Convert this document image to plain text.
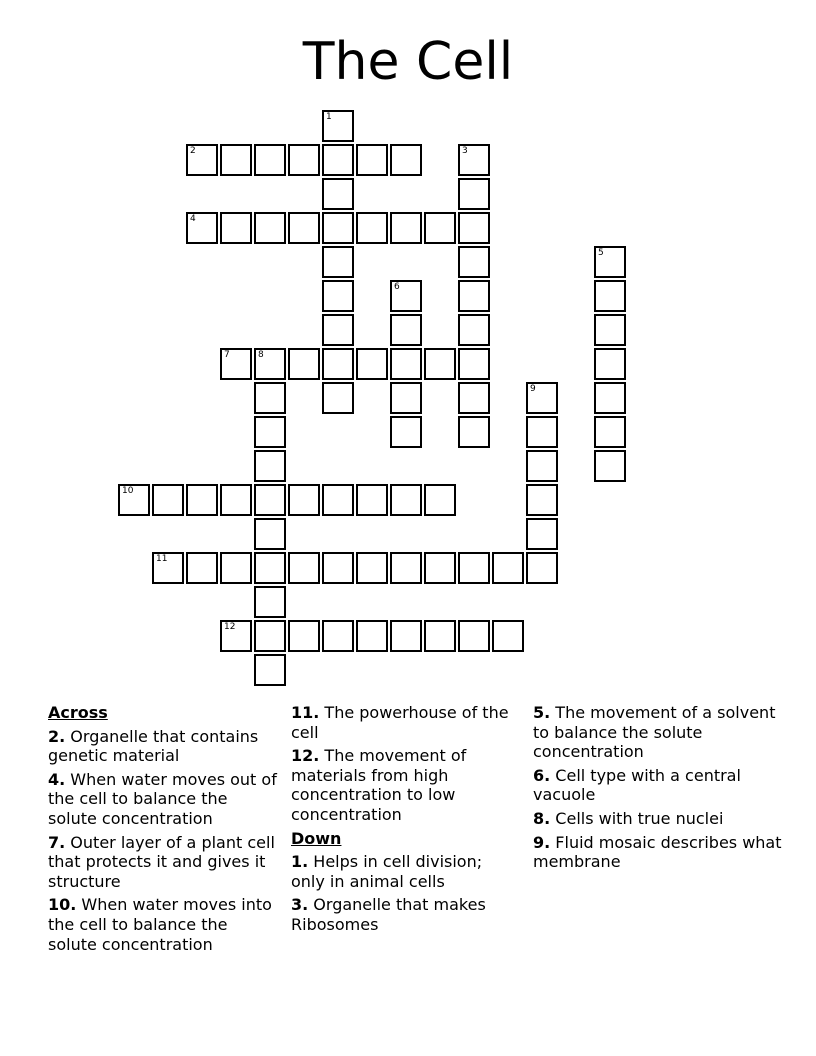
The Cell
1
2	3
4
5
6
7	8
9
10
11
12
Across
2. Organelle that contains genetic material
4. When water moves out of the cell to balance the solute concentration
7. Outer layer of a plant cell that protects it and gives it structure
10. When water moves into the cell to balance the solute concentration
11. The powerhouse of the cell
12. The movement of materials from high concentration to low concentration
Down
1. Helps in cell division; only in animal cells
3. Organelle that makes Ribosomes
5. The movement of a solvent to balance the solute concentration
6. Cell type with a central vacuole
8. Cells with true nuclei
9. Fluid mosaic describes what membrane
